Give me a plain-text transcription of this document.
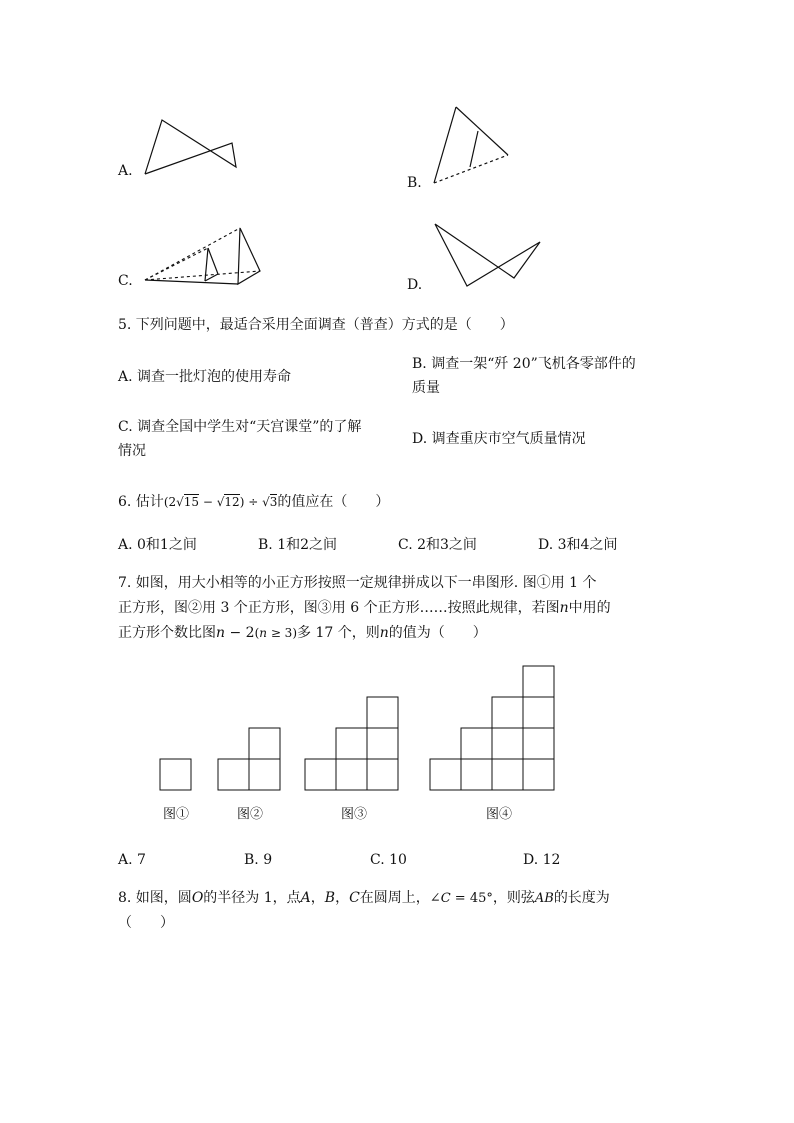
A.
B.
C.	D.
5. 下列问题中，最适合采用全面调查（普查）方式的是（　　）
A. 调查一批灯泡的使用寿命
B. 调查一架“歼 20”飞机各零部件的
质量
C. 调查全国中学生对“天宫课堂”的了解
情况
D. 调查重庆市空气质量情况
6. 估计(2√15 − √12) ÷ √3的值应在（　　）
A. 0和1之间	B. 1和2之间	C. 2和3之间	D. 3和4之间
7. 如图，用大小相等的小正方形按照一定规律拼成以下一串图形. 图①用 1 个
正方形，图②用 3 个正方形，图③用 6 个正方形……按照此规律，若图n中用的
正方形个数比图n − 2(n ≥ 3)多 17 个，则n的值为（　　）
图①	图②	图③	图④
A. 7	B. 9	C. 10	D. 12
8. 如图，圆O的半径为 1，点A，B，C在圆周上，∠C = 45°，则弦AB的长度为
（　　）
